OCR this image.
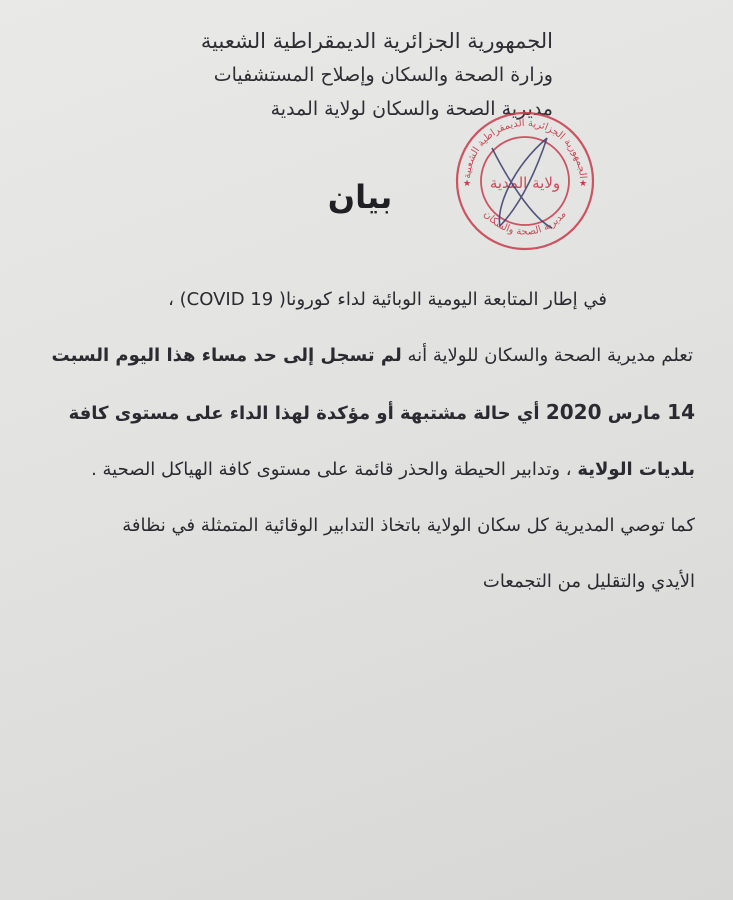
الجمهورية الجزائرية الديمقراطية الشعبية
وزارة الصحة والسكان وإصلاح المستشفيات
مديرية الصحة والسكان لولاية المدية
بيان
الجمهورية الجزائرية الديمقراطية الشعبية
مديرية الصحة والسكان
★	★
ولاية المدية
في إطار المتابعة اليومية الوبائية لداء كورونا( COVID 19) ،
تعلم مديرية الصحة والسكان للولاية أنه لم تسجل إلى حد مساء هذا اليوم السبت
14 مارس 2020 أي حالة مشتبهة أو مؤكدة لهذا الداء على مستوى كافة
بلديات الولاية ، وتدابير الحيطة والحذر قائمة على مستوى كافة الهياكل الصحية .
كما توصي المديرية كل سكان الولاية باتخاذ التدابير الوقائية المتمثلة في نظافة
الأيدي والتقليل من التجمعات
